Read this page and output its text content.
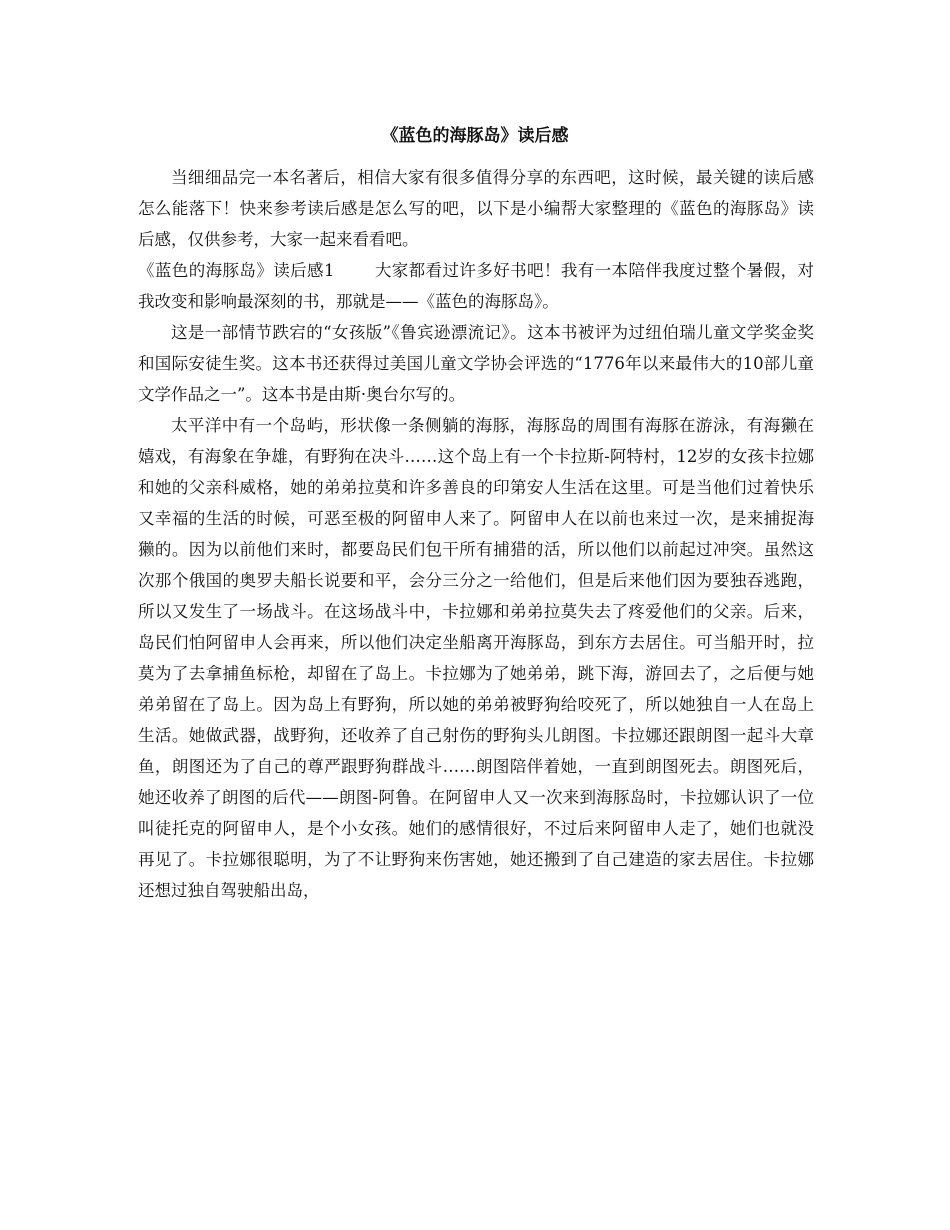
《蓝色的海豚岛》读后感

当细细品完一本名著后，相信大家有很多值得分享的东西吧，这时候，最关键的读后感怎么能落下！快来参考读后感是怎么写的吧，以下是小编帮大家整理的《蓝色的海豚岛》读后感，仅供参考，大家一起来看看吧。

《蓝色的海豚岛》读后感1 大家都看过许多好书吧！我有一本陪伴我度过整个暑假，对我改变和影响最深刻的书，那就是——《蓝色的海豚岛》。

这是一部情节跌宕的“女孩版”《鲁宾逊漂流记》。这本书被评为过纽伯瑞儿童文学奖金奖和国际安徒生奖。这本书还获得过美国儿童文学协会评选的“1776年以来最伟大的10部儿童文学作品之一”。这本书是由斯·奥台尔写的。

太平洋中有一个岛屿，形状像一条侧躺的海豚，海豚岛的周围有海豚在游泳，有海獭在嬉戏，有海象在争雄，有野狗在决斗……这个岛上有一个卡拉斯-阿特村，12岁的女孩卡拉娜和她的父亲科威格，她的弟弟拉莫和许多善良的印第安人生活在这里。可是当他们过着快乐又幸福的生活的时候，可恶至极的阿留申人来了。阿留申人在以前也来过一次，是来捕捉海獭的。因为以前他们来时，都要岛民们包干所有捕猎的活，所以他们以前起过冲突。虽然这次那个俄国的奥罗夫船长说要和平，会分三分之一给他们，但是后来他们因为要独吞逃跑，所以又发生了一场战斗。在这场战斗中，卡拉娜和弟弟拉莫失去了疼爱他们的父亲。后来，岛民们怕阿留申人会再来，所以他们决定坐船离开海豚岛，到东方去居住。可当船开时，拉莫为了去拿捕鱼标枪，却留在了岛上。卡拉娜为了她弟弟，跳下海，游回去了，之后便与她弟弟留在了岛上。因为岛上有野狗，所以她的弟弟被野狗给咬死了，所以她独自一人在岛上生活。她做武器，战野狗，还收养了自己射伤的野狗头儿朗图。卡拉娜还跟朗图一起斗大章鱼，朗图还为了自己的尊严跟野狗群战斗……朗图陪伴着她，一直到朗图死去。朗图死后，她还收养了朗图的后代——朗图-阿鲁。在阿留申人又一次来到海豚岛时，卡拉娜认识了一位叫徒托克的阿留申人，是个小女孩。她们的感情很好，不过后来阿留申人走了，她们也就没再见了。卡拉娜很聪明，为了不让野狗来伤害她，她还搬到了自己建造的家去居住。卡拉娜还想过独自驾驶船出岛，
